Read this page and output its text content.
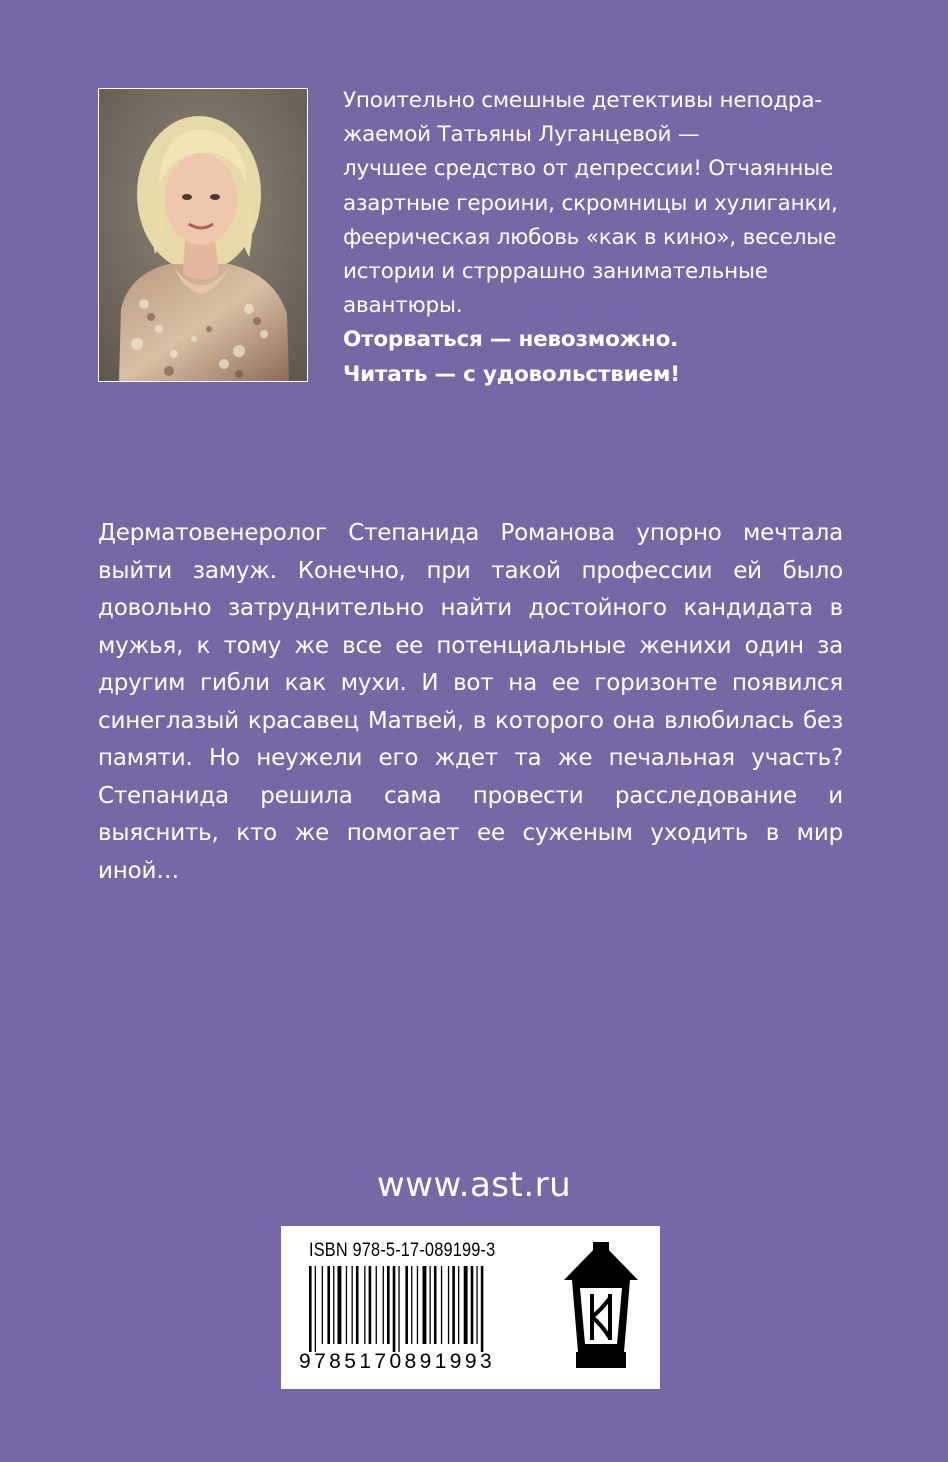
Упоительно смешные детективы неподра-

жаемой Татьяны Луганцевой —

лучшее средство от депрессии! Отчаянные

азартные героини, скромницы и хулиганки,

феерическая любовь «как в кино», веселые

истории и стрррашно занимательные

авантюры.

Оторваться — невозможно.

Читать — с удовольствием!

Дерматовенеролог Степанида Романова упорно мечтала выйти замуж. Конечно, при такой профессии ей было довольно затруднительно найти достойного кандидата в мужья, к тому же все ее потенциальные женихи один за другим гибли как мухи. И вот на ее горизонте появился синеглазый красавец Матвей, в которого она влюбилась без памяти. Но неужели его ждет та же печальная участь? Степанида решила сама провести расследование и выяснить, кто же помогает ее суженым уходить в мир иной…

www.ast.ru
ISBN 978-5-17-089199-3
9785170891993
